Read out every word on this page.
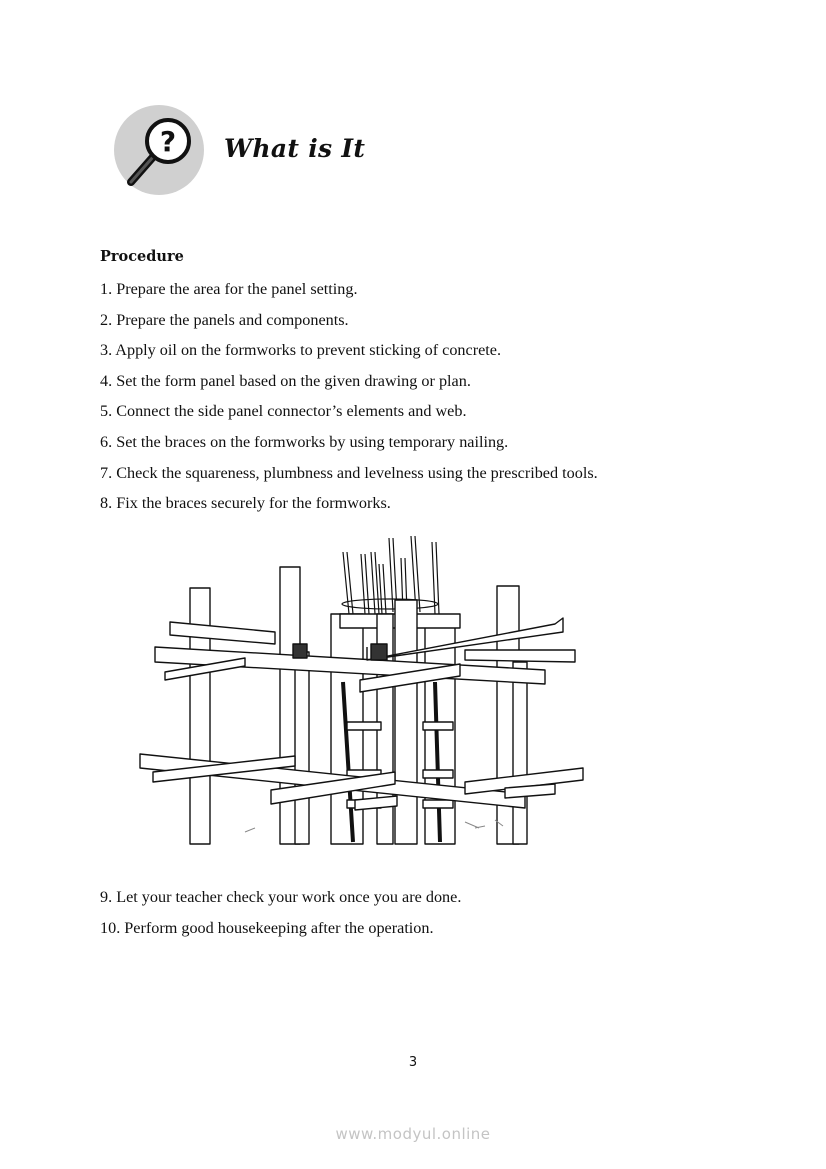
? What is It
Procedure
1. Prepare the area for the panel setting.
2. Prepare the panels and components.
3. Apply oil on the formworks to prevent sticking of concrete.
4. Set the form panel based on the given drawing or plan.
5. Connect the side panel connector’s elements and web.
6. Set the braces on the formworks by using temporary nailing.
7. Check the squareness, plumbness and levelness using the prescribed tools.
8. Fix the braces securely for the formworks.
9. Let your teacher check your work once you are done.
10. Perform good housekeeping after the operation.
3
www.modyul.online
